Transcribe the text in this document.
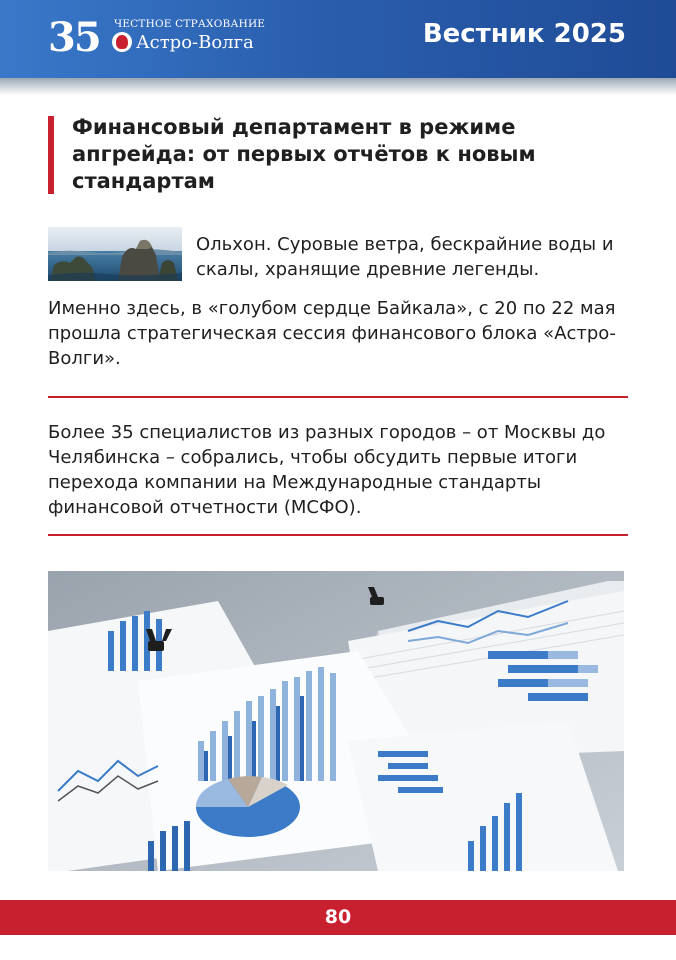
35 ЧЕСТНОЕ СТРАХОВАНИЕ
Астро-Волга	Вестник 2025
Финансовый департамент в режиме апгрейда: от первых отчётов к новым стандартам
Ольхон. Суровые ветра, бескрайние воды и скалы, хранящие древние легенды.
Именно здесь, в «голубом сердце Байкала», с 20 по 22 мая прошла стратегическая сессия финансового блока «Астро-Волги».
Более 35 специалистов из разных городов – от Москвы до Челябинска – собрались, чтобы обсудить первые итоги перехода компании на Международные стандарты финансовой отчетности (МСФО).
80
